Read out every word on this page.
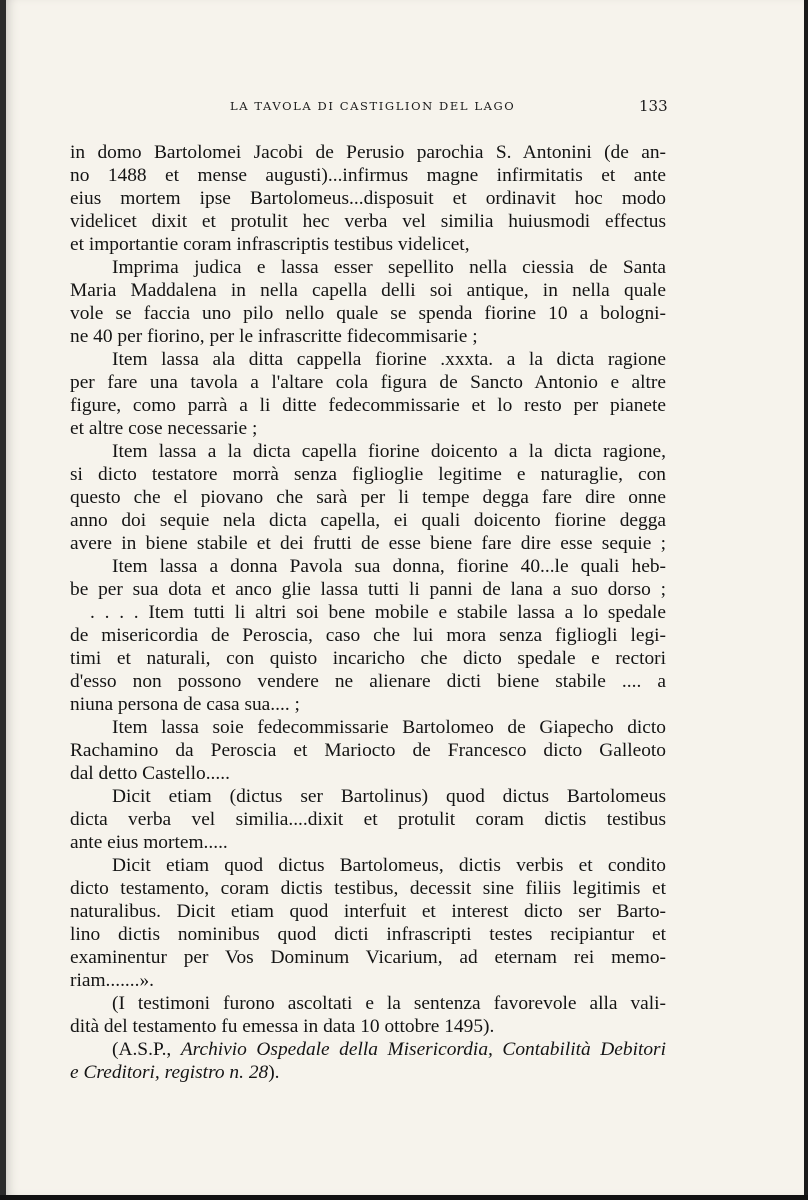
LA TAVOLA DI CASTIGLION DEL LAGO	133
in domo Bartolomei Jacobi de Perusio parochia S. Antonini (de an-
no 1488 et mense augusti)...infirmus magne infirmitatis et ante
eius mortem ipse Bartolomeus...disposuit et ordinavit hoc modo
videlicet dixit et protulit hec verba vel similia huiusmodi effectus
et importantie coram infrascriptis testibus videlicet,
Imprima judica e lassa esser sepellito nella ciessia de Santa
Maria Maddalena in nella capella delli soi antique, in nella quale
vole se faccia uno pilo nello quale se spenda fiorine 10 a bologni-
ne 40 per fiorino, per le infrascritte fidecommisarie ;
Item lassa ala ditta cappella fiorine .xxxta. a la dicta ragione
per fare una tavola a l'altare cola figura de Sancto Antonio e altre
figure, como parrà a li ditte fedecommissarie et lo resto per pianete
et altre cose necessarie ;
Item lassa a la dicta capella fiorine doicento a la dicta ragione,
si dicto testatore morrà senza figlioglie legitime e naturaglie, con
questo che el piovano che sarà per li tempe degga fare dire onne
anno doi sequie nela dicta capella, ei quali doicento fiorine degga
avere in biene stabile et dei frutti de esse biene fare dire esse sequie ;
Item lassa a donna Pavola sua donna, fiorine 40...le quali heb-
be per sua dota et anco glie lassa tutti li panni de lana a suo dorso ;
. . . . Item tutti li altri soi bene mobile e stabile lassa a lo spedale
de misericordia de Peroscia, caso che lui mora senza figliogli legi-
timi et naturali, con quisto incaricho che dicto spedale e rectori
d'esso non possono vendere ne alienare dicti biene stabile .... a
niuna persona de casa sua.... ;
Item lassa soie fedecommissarie Bartolomeo de Giapecho dicto
Rachamino da Peroscia et Mariocto de Francesco dicto Galleoto
dal detto Castello.....
Dicit etiam (dictus ser Bartolinus) quod dictus Bartolomeus
dicta verba vel similia....dixit et protulit coram dictis testibus
ante eius mortem.....
Dicit etiam quod dictus Bartolomeus, dictis verbis et condito
dicto testamento, coram dictis testibus, decessit sine filiis legitimis et
naturalibus. Dicit etiam quod interfuit et interest dicto ser Barto-
lino dictis nominibus quod dicti infrascripti testes recipiantur et
examinentur per Vos Dominum Vicarium, ad eternam rei memo-
riam.......».
(I testimoni furono ascoltati e la sentenza favorevole alla vali-
dità del testamento fu emessa in data 10 ottobre 1495).
(A.S.P., Archivio Ospedale della Misericordia, Contabilità Debitori
e Creditori, registro n. 28).
